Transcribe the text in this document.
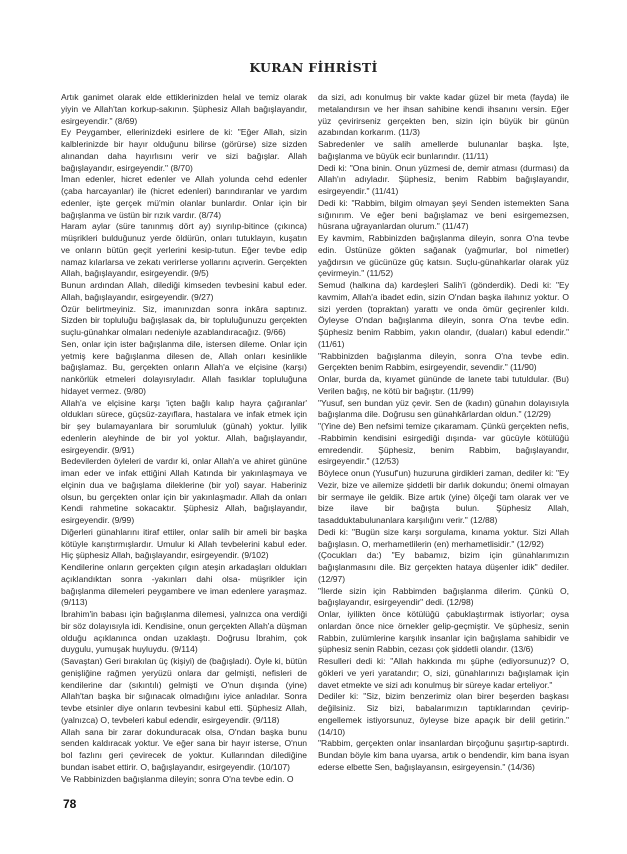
KURAN FİHRİSTİ

Artık ganimet olarak elde ettiklerinizden helal ve temiz olarak yiyin ve Allah'tan korkup-sakının. Şüphesiz Allah bağışlayandır, esirgeyendir." (8/69)

Ey Peygamber, ellerinizdeki esirlere de ki: "Eğer Allah, sizin kalblerinizde bir hayır olduğunu bilirse (görürse) size sizden alınandan daha hayırlısını verir ve sizi bağışlar. Allah bağışlayandır, esirgeyendir." (8/70)

İman edenler, hicret edenler ve Allah yolunda cehd edenler (çaba harcayanlar) ile (hicret edenleri) barındıranlar ve yardım edenler, işte gerçek mü'min olanlar bunlardır. Onlar için bir bağışlanma ve üstün bir rızık vardır. (8/74)

Haram aylar (süre tanınmış dört ay) sıyrılıp-bitince (çıkınca) müşrikleri bulduğunuz yerde öldürün, onları tutuklayın, kuşatın ve onların bütün geçit yerlerini kesip-tutun. Eğer tevbe edip namaz kılarlarsa ve zekatı verirlerse yollarını açıverin. Gerçekten Allah, bağışlayandır, esirgeyendir. (9/5)

Bunun ardından Allah, dilediği kimseden tevbesini kabul eder. Allah, bağışlayandır, esirgeyendir. (9/27)

Özür belirtmeyiniz. Siz, imanınızdan sonra inkâra saptınız. Sizden bir topluluğu bağışlasak da, bir topluluğunuzu gerçekten suçlu-günahkar olmaları nedeniyle azablandıracağız. (9/66)

Sen, onlar için ister bağışlanma dile, istersen dileme. Onlar için yetmiş kere bağışlanma dilesen de, Allah onları kesinlikle bağışlamaz. Bu, gerçekten onların Allah'a ve elçisine (karşı) nankörlük etmeleri dolayısıyladır. Allah fasıklar topluluğuna hidayet vermez. (9/80)

Allah'a ve elçisine karşı 'içten bağlı kalıp hayra çağıranlar' oldukları sürece, güçsüz-zayıflara, hastalara ve infak etmek için bir şey bulamayanlara bir sorumluluk (günah) yoktur. İyilik edenlerin aleyhinde de bir yol yoktur. Allah, bağışlayandır, esirgeyendir. (9/91)

Bedevilerden öyleleri de vardır ki, onlar Allah'a ve ahiret gününe iman eder ve infak ettiğini Allah Katında bir yakınlaşmaya ve elçinin dua ve bağışlama dileklerine (bir yol) sayar. Haberiniz olsun, bu gerçekten onlar için bir yakınlaşmadır. Allah da onları Kendi rahmetine sokacaktır. Şüphesiz Allah, bağışlayandır, esirgeyendir. (9/99)

Diğerleri günahlarını itiraf ettiler, onlar salih bir ameli bir başka kötüyle karıştırmışlardır. Umulur ki Allah tevbelerini kabul eder. Hiç şüphesiz Allah, bağışlayandır, esirgeyendir. (9/102)

Kendilerine onların gerçekten çılgın ateşin arkadaşları oldukları açıklandıktan sonra -yakınları dahi olsa- müşrikler için bağışlanma dilemeleri peygambere ve iman edenlere yaraşmaz. (9/113)

İbrahim'in babası için bağışlanma dilemesi, yalnızca ona verdiği bir söz dolayısıyla idi. Kendisine, onun gerçekten Allah'a düşman olduğu açıklanınca ondan uzaklaştı. Doğrusu İbrahim, çok duygulu, yumuşak huyluydu. (9/114)

(Savaştan) Geri bırakılan üç (kişiyi) de (bağışladı). Öyle ki, bütün genişliğine rağmen yeryüzü onlara dar gelmişti, nefisleri de kendilerine dar (sıkıntılı) gelmişti ve O'nun dışında (yine) Allah'tan başka bir sığınacak olmadığını iyice anladılar. Sonra tevbe etsinler diye onların tevbesini kabul etti. Şüphesiz Allah, (yalnızca) O, tevbeleri kabul edendir, esirgeyendir. (9/118)

Allah sana bir zarar dokunduracak olsa, O'ndan başka bunu senden kaldıracak yoktur. Ve eğer sana bir hayır isterse, O'nun bol fazlını geri çevirecek de yoktur. Kullarından dilediğine bundan isabet ettirir. O, bağışlayandır, esirgeyendir. (10/107)

Ve Rabbinizden bağışlanma dileyin; sonra O'na tevbe edin. O

da sizi, adı konulmuş bir vakte kadar güzel bir meta (fayda) ile metalandırsın ve her ihsan sahibine kendi ihsanını versin. Eğer yüz çevirirseniz gerçekten ben, sizin için büyük bir günün azabından korkarım. (11/3)

Sabredenler ve salih amellerde bulunanlar başka. İşte, bağışlanma ve büyük ecir bunlarındır. (11/11)

Dedi ki: "Ona binin. Onun yüzmesi de, demir atması (durması) da Allah'ın adıyladır. Şüphesiz, benim Rabbim bağışlayandır, esirgeyendir." (11/41)

Dedi ki: "Rabbim, bilgim olmayan şeyi Senden istemekten Sana sığınırım. Ve eğer beni bağışlamaz ve beni esirgemezsen, hüsrana uğrayanlardan olurum." (11/47)

Ey kavmim, Rabbinizden bağışlanma dileyin, sonra O'na tevbe edin. Üstünüze gökten sağanak (yağmurlar, bol nimetler) yağdırsın ve gücünüze güç katsın. Suçlu-günahkarlar olarak yüz çevirmeyin." (11/52)

Semud (halkına da) kardeşleri Salih'i (gönderdik). Dedi ki: "Ey kavmim, Allah'a ibadet edin, sizin O'ndan başka ilahınız yoktur. O sizi yerden (topraktan) yarattı ve onda ömür geçirenler kıldı. Öyleyse O'ndan bağışlanma dileyin, sonra O'na tevbe edin. Şüphesiz benim Rabbim, yakın olandır, (duaları) kabul edendir." (11/61)

"Rabbinizden bağışlanma dileyin, sonra O'na tevbe edin. Gerçekten benim Rabbim, esirgeyendir, sevendir." (11/90)

Onlar, burda da, kıyamet gününde de lanete tabi tutuldular. (Bu) Verilen bağış, ne kötü bir bağıştır. (11/99)

"Yusuf, sen bundan yüz çevir. Sen de (kadın) günahın dolayısıyla bağışlanma dile. Doğrusu sen günahkârlardan oldun." (12/29)

"(Yine de) Ben nefsimi temize çıkaramam. Çünkü gerçekten nefis, -Rabbimin kendisini esirgediği dışında- var gücüyle kötülüğü emredendir. Şüphesiz, benim Rabbim, bağışlayandır, esirgeyendir." (12/53)

Böylece onun (Yusuf'un) huzuruna girdikleri zaman, dediler ki: "Ey Vezir, bize ve ailemize şiddetli bir darlık dokundu; önemi olmayan bir sermaye ile geldik. Bize artık (yine) ölçeği tam olarak ver ve bize ilave bir bağışta bulun. Şüphesiz Allah, tasadduktabulunanlara karşılığını verir." (12/88)

Dedi ki: "Bugün size karşı sorgulama, kınama yoktur. Sizi Allah bağışlasın. O, merhametlilerin (en) merhametlisidir." (12/92)

(Çocukları da:) "Ey babamız, bizim için günahlarımızın bağışlanmasını dile. Biz gerçekten hataya düşenler idik" dediler. (12/97)

"İlerde sizin için Rabbimden bağışlanma dilerim. Çünkü O, bağışlayandır, esirgeyendir" dedi. (12/98)

Onlar, iyilikten önce kötülüğü çabuklaştırmak istiyorlar; oysa onlardan önce nice örnekler gelip-geçmiştir. Ve şüphesiz, senin Rabbin, zulümlerine karşılık insanlar için bağışlama sahibidir ve şüphesiz senin Rabbin, cezası çok şiddetli olandır. (13/6)

Resulleri dedi ki: "Allah hakkında mı şüphe (ediyorsunuz)? O, gökleri ve yeri yaratandır; O, sizi, günahlarınızı bağışlamak için davet etmekte ve sizi adı konulmuş bir süreye kadar erteliyor."

Dediler ki: "Siz, bizim benzerimiz olan birer beşerden başkası değilsiniz. Siz bizi, babalarımızın taptıklarından çevirip-engellemek istiyorsunuz, öyleyse bize apaçık bir delil getirin." (14/10)

"Rabbim, gerçekten onlar insanlardan birçoğunu şaşırtıp-saptırdı. Bundan böyle kim bana uyarsa, artık o bendendir, kim bana isyan ederse elbette Sen, bağışlayansın, esirgeyensin." (14/36)

78
